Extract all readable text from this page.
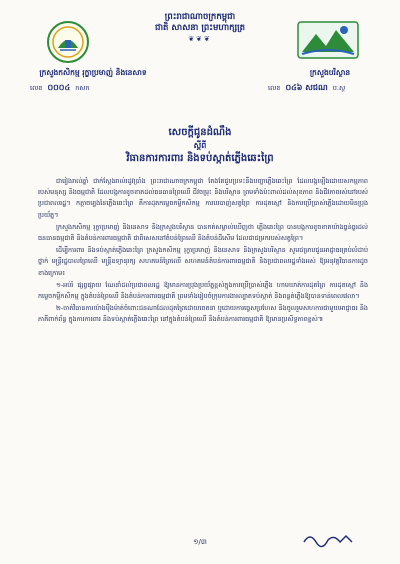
ព្រះរាជាណាចក្រកម្ពុជា
ជាតិ សាសនា ព្រះមហាក្សត្រ
❦❦❦
ក្រសួងកសិកម្ម រុក្ខាប្រមាញ់ និងនេសាទ
លេខ ០០០៤ កសក
ក្រសួងបរិស្ថាន
លេខ ០៤៦ សជណ ប.ស្ថ
សេចក្តីជូនដំណឹង
ស្តីពី
វិធានការការពារ និងទប់ស្កាត់ភ្លើងឆេះព្រៃ

ជារៀងរាល់ឆ្នាំ ជាក់ស្តែងរាល់រដូវប្រាំង ព្រះរាជាណាចក្រកម្ពុជា តែងតែជួបប្រទះនឹងបញ្ហាភ្លើងឆេះព្រៃ ដែលបង្កឡើងដោយសកម្មភាពរបស់មនុស្ស និងធម្មជាតិ ដែលបង្កការខូចខាតដល់ធនធានព្រៃឈើ ជីវចម្រុះ និងបរិស្ថាន ព្រមទាំងប៉ះពាល់ដល់សុខភាព និងជីវភាពរស់នៅរបស់ប្រជាពលរដ្ឋ។ កត្តាចម្បងនៃភ្លើងឆេះព្រៃ គឺការដុតកម្ទេចកម្ទីកសិកម្ម ការបរបាញ់សត្វព្រៃ ការដុតស្មៅ និងការប្រើប្រាស់ភ្លើងដោយមិនប្រុងប្រយ័ត្ន។

ក្រសួងកសិកម្ម រុក្ខាប្រមាញ់ និងនេសាទ និងក្រសួងបរិស្ថាន បានកត់សម្គាល់ឃើញថា ភ្លើងឆេះព្រៃ បានបង្កការខូចខាតយ៉ាងធ្ងន់ធ្ងរដល់ធនធានធម្មជាតិ និងតំបន់ការពារធម្មជាតិ ជាពិសេសនៅតំបន់ព្រៃឈើ និងតំបន់ដីសើម ដែលជាជម្រករបស់សត្វព្រៃ។

ដើម្បីការពារ និងទប់ស្កាត់ភ្លើងឆេះព្រៃ ក្រសួងកសិកម្ម រុក្ខាប្រមាញ់ និងនេសាទ និងក្រសួងបរិស្ថាន សូមជម្រាបជូនអាជ្ញាធរគ្រប់លំដាប់ថ្នាក់ មន្ត្រីរដ្ឋបាលព្រៃឈើ មន្ត្រីឧទ្យានុរក្ស សហគមន៍ព្រៃឈើ សហគមន៍តំបន់ការពារធម្មជាតិ និងប្រជាពលរដ្ឋទាំងអស់ ឱ្យអនុវត្តវិធានការដូចខាងក្រោម៖

១-អប់រំ ផ្សព្វផ្សាយ ណែនាំដល់ប្រជាពលរដ្ឋ ឱ្យមានការប្រុងប្រយ័ត្នខ្ពស់ក្នុងការប្រើប្រាស់ភ្លើង ហាមឃាត់ការដុតព្រៃ ការដុតស្មៅ និងកម្ទេចកម្ទីកសិកម្ម ក្នុងតំបន់ព្រៃឈើ និងតំបន់ការពារធម្មជាតិ ព្រមទាំងរៀបចំក្រុមការងារល្បាតទប់ស្កាត់ និងពន្លត់ភ្លើងឱ្យបានទាន់ពេលវេលា។

២-ចាត់វិធានការយ៉ាងម៉ឺងម៉ាត់ចំពោះជនណាដែលដុតព្រៃដោយចេតនា ឬដោយការធ្វេសប្រហែស និងចូលរួមសហការជាមួយអាជ្ញាធរ និងភាគីពាក់ព័ន្ធ ក្នុងការការពារ និងទប់ស្កាត់ភ្លើងឆេះព្រៃ នៅក្នុងតំបន់ព្រៃឈើ និងតំបន់ការពារធម្មជាតិ ឱ្យមានប្រសិទ្ធភាពខ្ពស់៕

១/៣
